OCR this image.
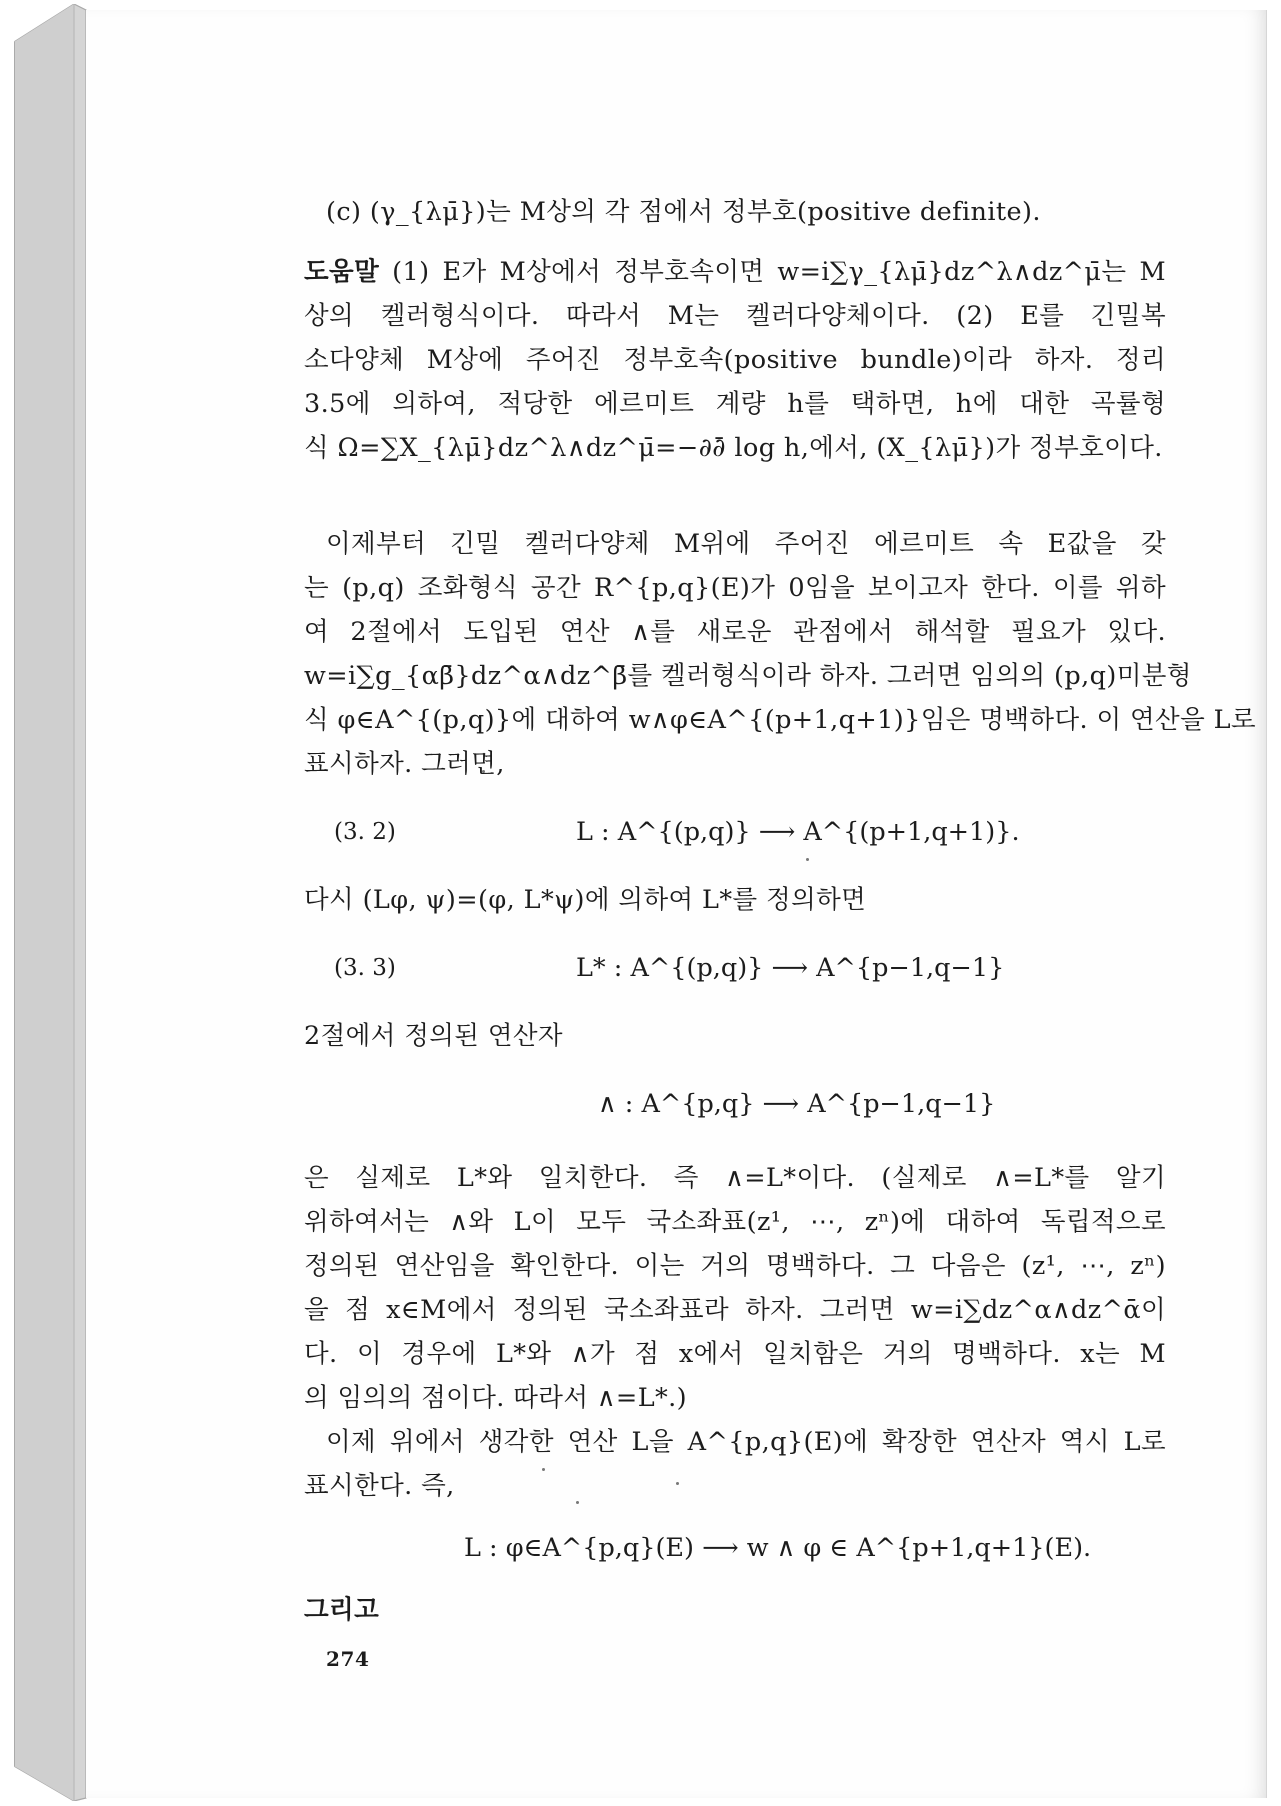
(c) (γ_{λμ̄})는 M상의 각 점에서 정부호(positive definite).
도움말 (1) E가 M상에서 정부호속이면 w=i∑γ_{λμ̄}dz^λ∧dz^μ̄는 M
상의 켈러형식이다. 따라서 M는 켈러다양체이다. (2) E를 긴밀복
소다양체 M상에 주어진 정부호속(positive bundle)이라 하자. 정리
3.5에 의하여, 적당한 에르미트 계량 h를 택하면, h에 대한 곡률형
식 Ω=∑X_{λμ̄}dz^λ∧dz^μ̄=−∂∂̄ log h,에서, (X_{λμ̄})가 정부호이다.
이제부터 긴밀 켈러다양체 M위에 주어진 에르미트 속 E값을 갖
는 (p,q) 조화형식 공간 R^{p,q}(E)가 0임을 보이고자 한다. 이를 위하
여 2절에서 도입된 연산 ∧를 새로운 관점에서 해석할 필요가 있다.
w=i∑g_{αβ̄}dz^α∧dz^β̄를 켈러형식이라 하자. 그러면 임의의 (p,q)미분형
식 φ∈A^{(p,q)}에 대하여 w∧φ∈A^{(p+1,q+1)}임은 명백하다. 이 연산을 L로
표시하자. 그러면,
(3. 2)	L : A^{(p,q)} ⟶ A^{(p+1,q+1)}.
다시 (Lφ, ψ)=(φ, L*ψ)에 의하여 L*를 정의하면
(3. 3)	L* : A^{(p,q)} ⟶ A^{p−1,q−1}
2절에서 정의된 연산자
∧ : A^{p,q} ⟶ A^{p−1,q−1}
은 실제로 L*와 일치한다. 즉 ∧=L*이다. (실제로 ∧=L*를 알기
위하여서는 ∧와 L이 모두 국소좌표(z¹, ⋯, zⁿ)에 대하여 독립적으로
정의된 연산임을 확인한다. 이는 거의 명백하다. 그 다음은 (z¹, ⋯, zⁿ)
을 점 x∈M에서 정의된 국소좌표라 하자. 그러면 w=i∑dz^α∧dz^ᾱ이
다. 이 경우에 L*와 ∧가 점 x에서 일치함은 거의 명백하다. x는 M
의 임의의 점이다. 따라서 ∧=L*.)
이제 위에서 생각한 연산 L을 A^{p,q}(E)에 확장한 연산자 역시 L로
표시한다. 즉,
L : φ∈A^{p,q}(E) ⟶ w ∧ φ ∈ A^{p+1,q+1}(E).
그리고
274
